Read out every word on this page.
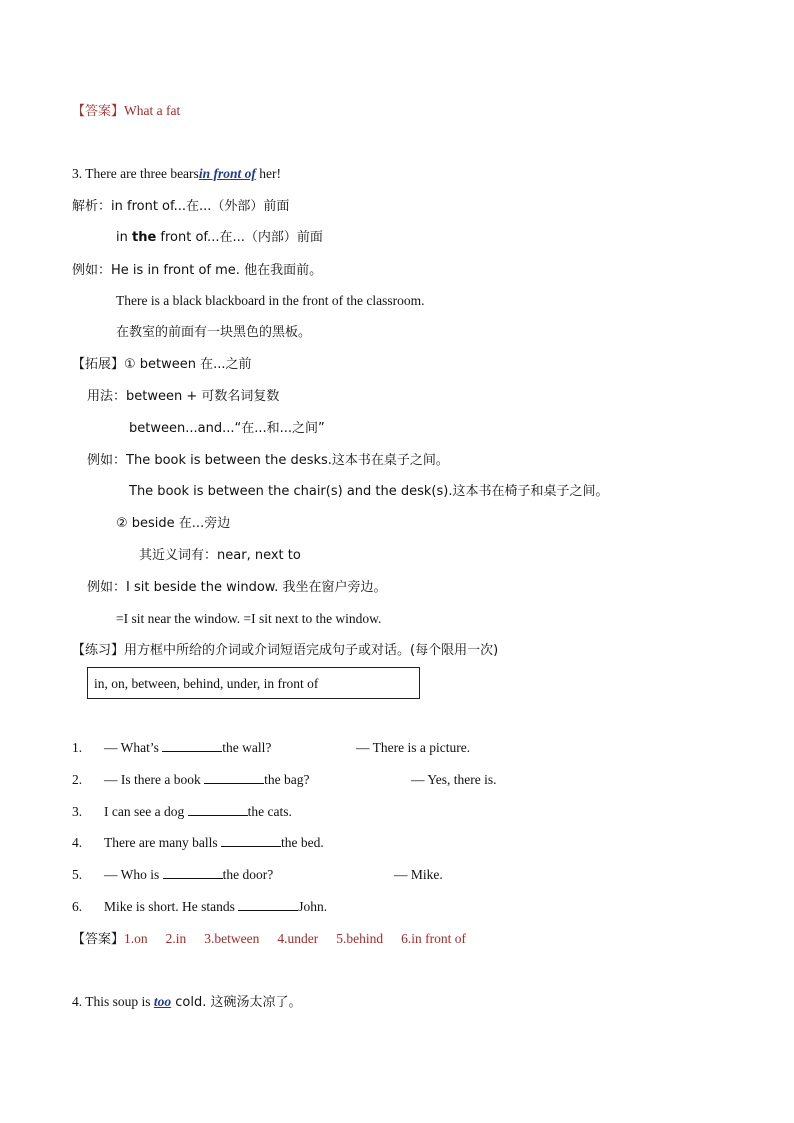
【答案】What a fat
3. There are three bearsin front of her!
解析：in front of...在...（外部）前面
in the front of...在...（内部）前面
例如：He is in front of me. 他在我面前。
There is a black blackboard in the front of the classroom.
在教室的前面有一块黑色的黑板。
【拓展】① between 在...之前
用法：between + 可数名词复数
between...and...“在...和...之间”
例如：The book is between the desks.这本书在桌子之间。
The book is between the chair(s) and the desk(s).这本书在椅子和桌子之间。
② beside 在...旁边
其近义词有：near, next to
例如：I sit beside the window. 我坐在窗户旁边。
=I sit near the window. =I sit next to the window.
【练习】用方框中所给的介词或介词短语完成句子或对话。(每个限用一次)
in, on, between, behind, under, in front of
1. — What’s	the wall?	— There is a picture.
2. — Is there a book	the bag?	— Yes, there is.
3. I can see a dog	the cats.
4. There are many balls	the bed.
5. — Who is	the door?	— Mike.
6. Mike is short. He stands	John.
【答案】1.on 2.in 3.between 4.under 5.behind 6.in front of
4. This soup is too cold. 这碗汤太凉了。
